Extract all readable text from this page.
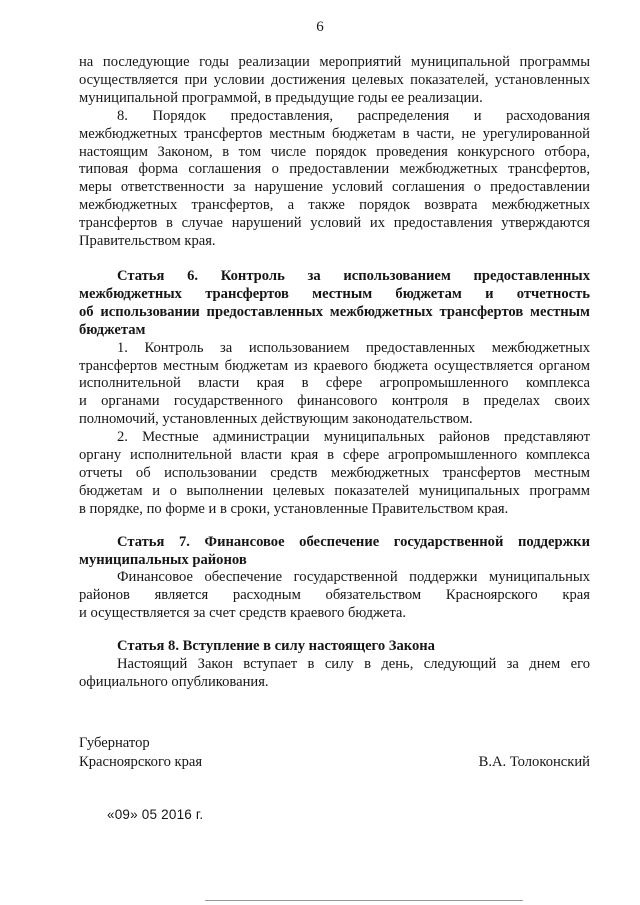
6
на последующие годы реализации мероприятий муниципальной программы
осуществляется при условии достижения целевых показателей, установленных
муниципальной программой, в предыдущие годы ее реализации.
8. Порядок предоставления, распределения и расходования
межбюджетных трансфертов местным бюджетам в части, не урегулированной
настоящим Законом, в том числе порядок проведения конкурсного отбора,
типовая форма соглашения о предоставлении межбюджетных трансфертов,
меры ответственности за нарушение условий соглашения о предоставлении
межбюджетных трансфертов, а также порядок возврата межбюджетных
трансфертов в случае нарушений условий их предоставления утверждаются
Правительством края.
Статья 6. Контроль за использованием предоставленных
межбюджетных трансфертов местным бюджетам и отчетность
об использовании предоставленных межбюджетных трансфертов местным
бюджетам
1. Контроль за использованием предоставленных межбюджетных
трансфертов местным бюджетам из краевого бюджета осуществляется органом
исполнительной власти края в сфере агропромышленного комплекса
и органами государственного финансового контроля в пределах своих
полномочий, установленных действующим законодательством.
2. Местные администрации муниципальных районов представляют
органу исполнительной власти края в сфере агропромышленного комплекса
отчеты об использовании средств межбюджетных трансфертов местным
бюджетам и о выполнении целевых показателей муниципальных программ
в порядке, по форме и в сроки, установленные Правительством края.
Статья 7. Финансовое обеспечение государственной поддержки
муниципальных районов
Финансовое обеспечение государственной поддержки муниципальных
районов является расходным обязательством Красноярского края
и осуществляется за счет средств краевого бюджета.
Статья 8. Вступление в силу настоящего Закона
Настоящий Закон вступает в силу в день, следующий за днем его
официального опубликования.
Губернатор
Красноярского края	В.А. Толоконский
«09» 05 2016 г.
